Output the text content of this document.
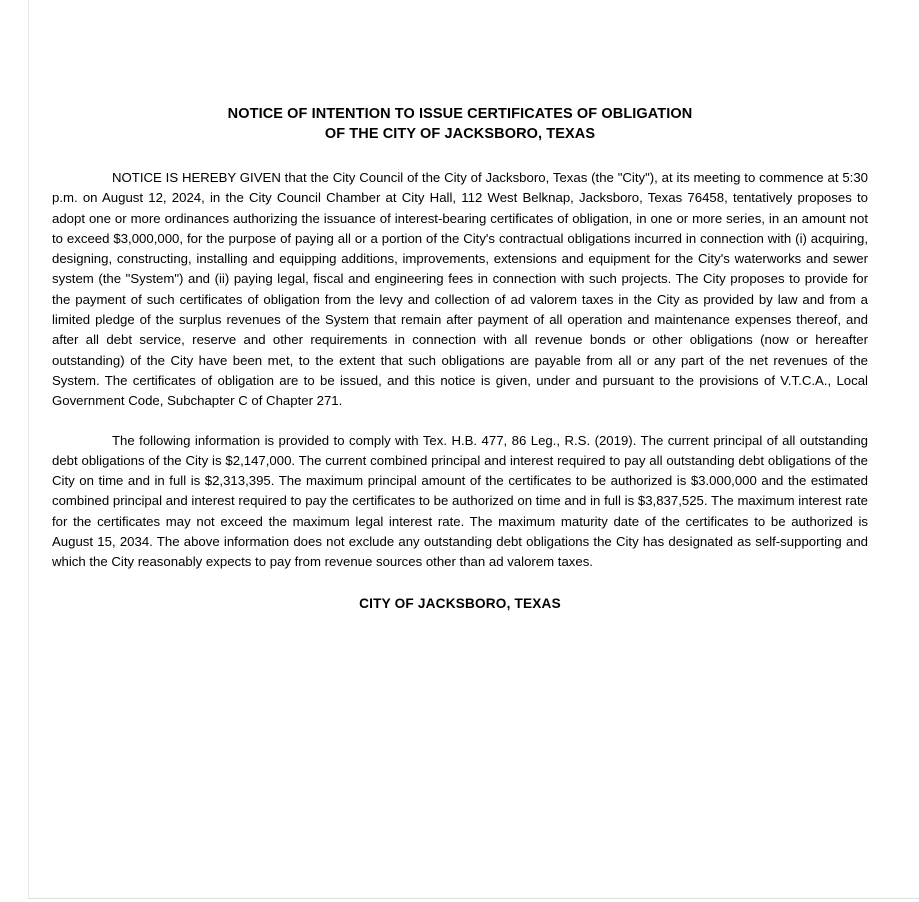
NOTICE OF INTENTION TO ISSUE CERTIFICATES OF OBLIGATION
OF THE CITY OF JACKSBORO, TEXAS

NOTICE IS HEREBY GIVEN that the City Council of the City of Jacksboro, Texas (the "City"), at its meeting to commence at 5:30 p.m. on August 12, 2024, in the City Council Chamber at City Hall, 112 West Belknap, Jacksboro, Texas 76458, tentatively proposes to adopt one or more ordinances authorizing the issuance of interest-bearing certificates of obligation, in one or more series, in an amount not to exceed $3,000,000, for the purpose of paying all or a portion of the City's contractual obligations incurred in connection with (i) acquiring, designing, constructing, installing and equipping additions, improvements, extensions and equipment for the City's waterworks and sewer system (the "System") and (ii) paying legal, fiscal and engineering fees in connection with such projects. The City proposes to provide for the payment of such certificates of obligation from the levy and collection of ad valorem taxes in the City as provided by law and from a limited pledge of the surplus revenues of the System that remain after payment of all operation and maintenance expenses thereof, and after all debt service, reserve and other requirements in connection with all revenue bonds or other obligations (now or hereafter outstanding) of the City have been met, to the extent that such obligations are payable from all or any part of the net revenues of the System. The certificates of obligation are to be issued, and this notice is given, under and pursuant to the provisions of V.T.C.A., Local Government Code, Subchapter C of Chapter 271.

The following information is provided to comply with Tex. H.B. 477, 86 Leg., R.S. (2019). The current principal of all outstanding debt obligations of the City is $2,147,000. The current combined principal and interest required to pay all outstanding debt obligations of the City on time and in full is $2,313,395. The maximum principal amount of the certificates to be authorized is $3.000,000 and the estimated combined principal and interest required to pay the certificates to be authorized on time and in full is $3,837,525. The maximum interest rate for the certificates may not exceed the maximum legal interest rate. The maximum maturity date of the certificates to be authorized is August 15, 2034. The above information does not exclude any outstanding debt obligations the City has designated as self-supporting and which the City reasonably expects to pay from revenue sources other than ad valorem taxes.

CITY OF JACKSBORO, TEXAS
